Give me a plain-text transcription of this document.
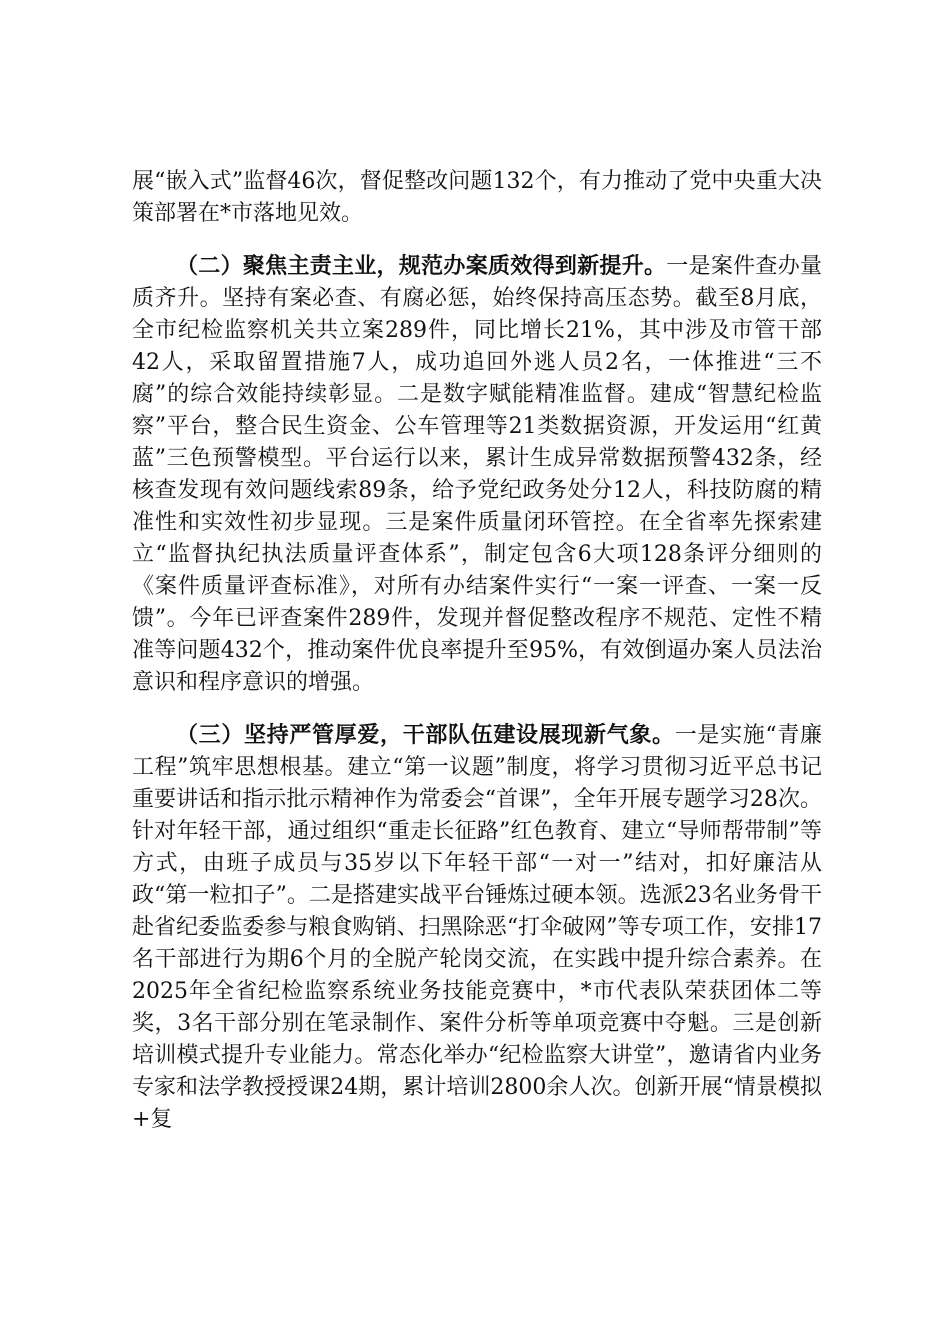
展“嵌入式”监督46次，督促整改问题132个，有力推动了党中央重大决策部署在*市落地见效。

（二）聚焦主责主业，规范办案质效得到新提升。一是案件查办量质齐升。坚持有案必查、有腐必惩，始终保持高压态势。截至8月底，全市纪检监察机关共立案289件，同比增长21%，其中涉及市管干部42人，采取留置措施7人，成功追回外逃人员2名，一体推进“三不腐”的综合效能持续彰显。二是数字赋能精准监督。建成“智慧纪检监察”平台，整合民生资金、公车管理等21类数据资源，开发运用“红黄蓝”三色预警模型。平台运行以来，累计生成异常数据预警432条，经核查发现有效问题线索89条，给予党纪政务处分12人，科技防腐的精准性和实效性初步显现。三是案件质量闭环管控。在全省率先探索建立“监督执纪执法质量评查体系”，制定包含6大项128条评分细则的《案件质量评查标准》，对所有办结案件实行“一案一评查、一案一反馈”。今年已评查案件289件，发现并督促整改程序不规范、定性不精准等问题432个，推动案件优良率提升至95%，有效倒逼办案人员法治意识和程序意识的增强。

（三）坚持严管厚爱，干部队伍建设展现新气象。一是实施“青廉工程”筑牢思想根基。建立“第一议题”制度，将学习贯彻习近平总书记重要讲话和指示批示精神作为常委会“首课”，全年开展专题学习28次。针对年轻干部，通过组织“重走长征路”红色教育、建立“导师帮带制”等方式，由班子成员与35岁以下年轻干部“一对一”结对，扣好廉洁从政“第一粒扣子”。二是搭建实战平台锤炼过硬本领。选派23名业务骨干赴省纪委监委参与粮食购销、扫黑除恶“打伞破网”等专项工作，安排17名干部进行为期6个月的全脱产轮岗交流，在实践中提升综合素养。在2025年全省纪检监察系统业务技能竞赛中，*市代表队荣获团体二等奖，3名干部分别在笔录制作、案件分析等单项竞赛中夺魁。三是创新培训模式提升专业能力。常态化举办“纪检监察大讲堂”，邀请省内业务专家和法学教授授课24期，累计培训2800余人次。创新开展“情景模拟+复
